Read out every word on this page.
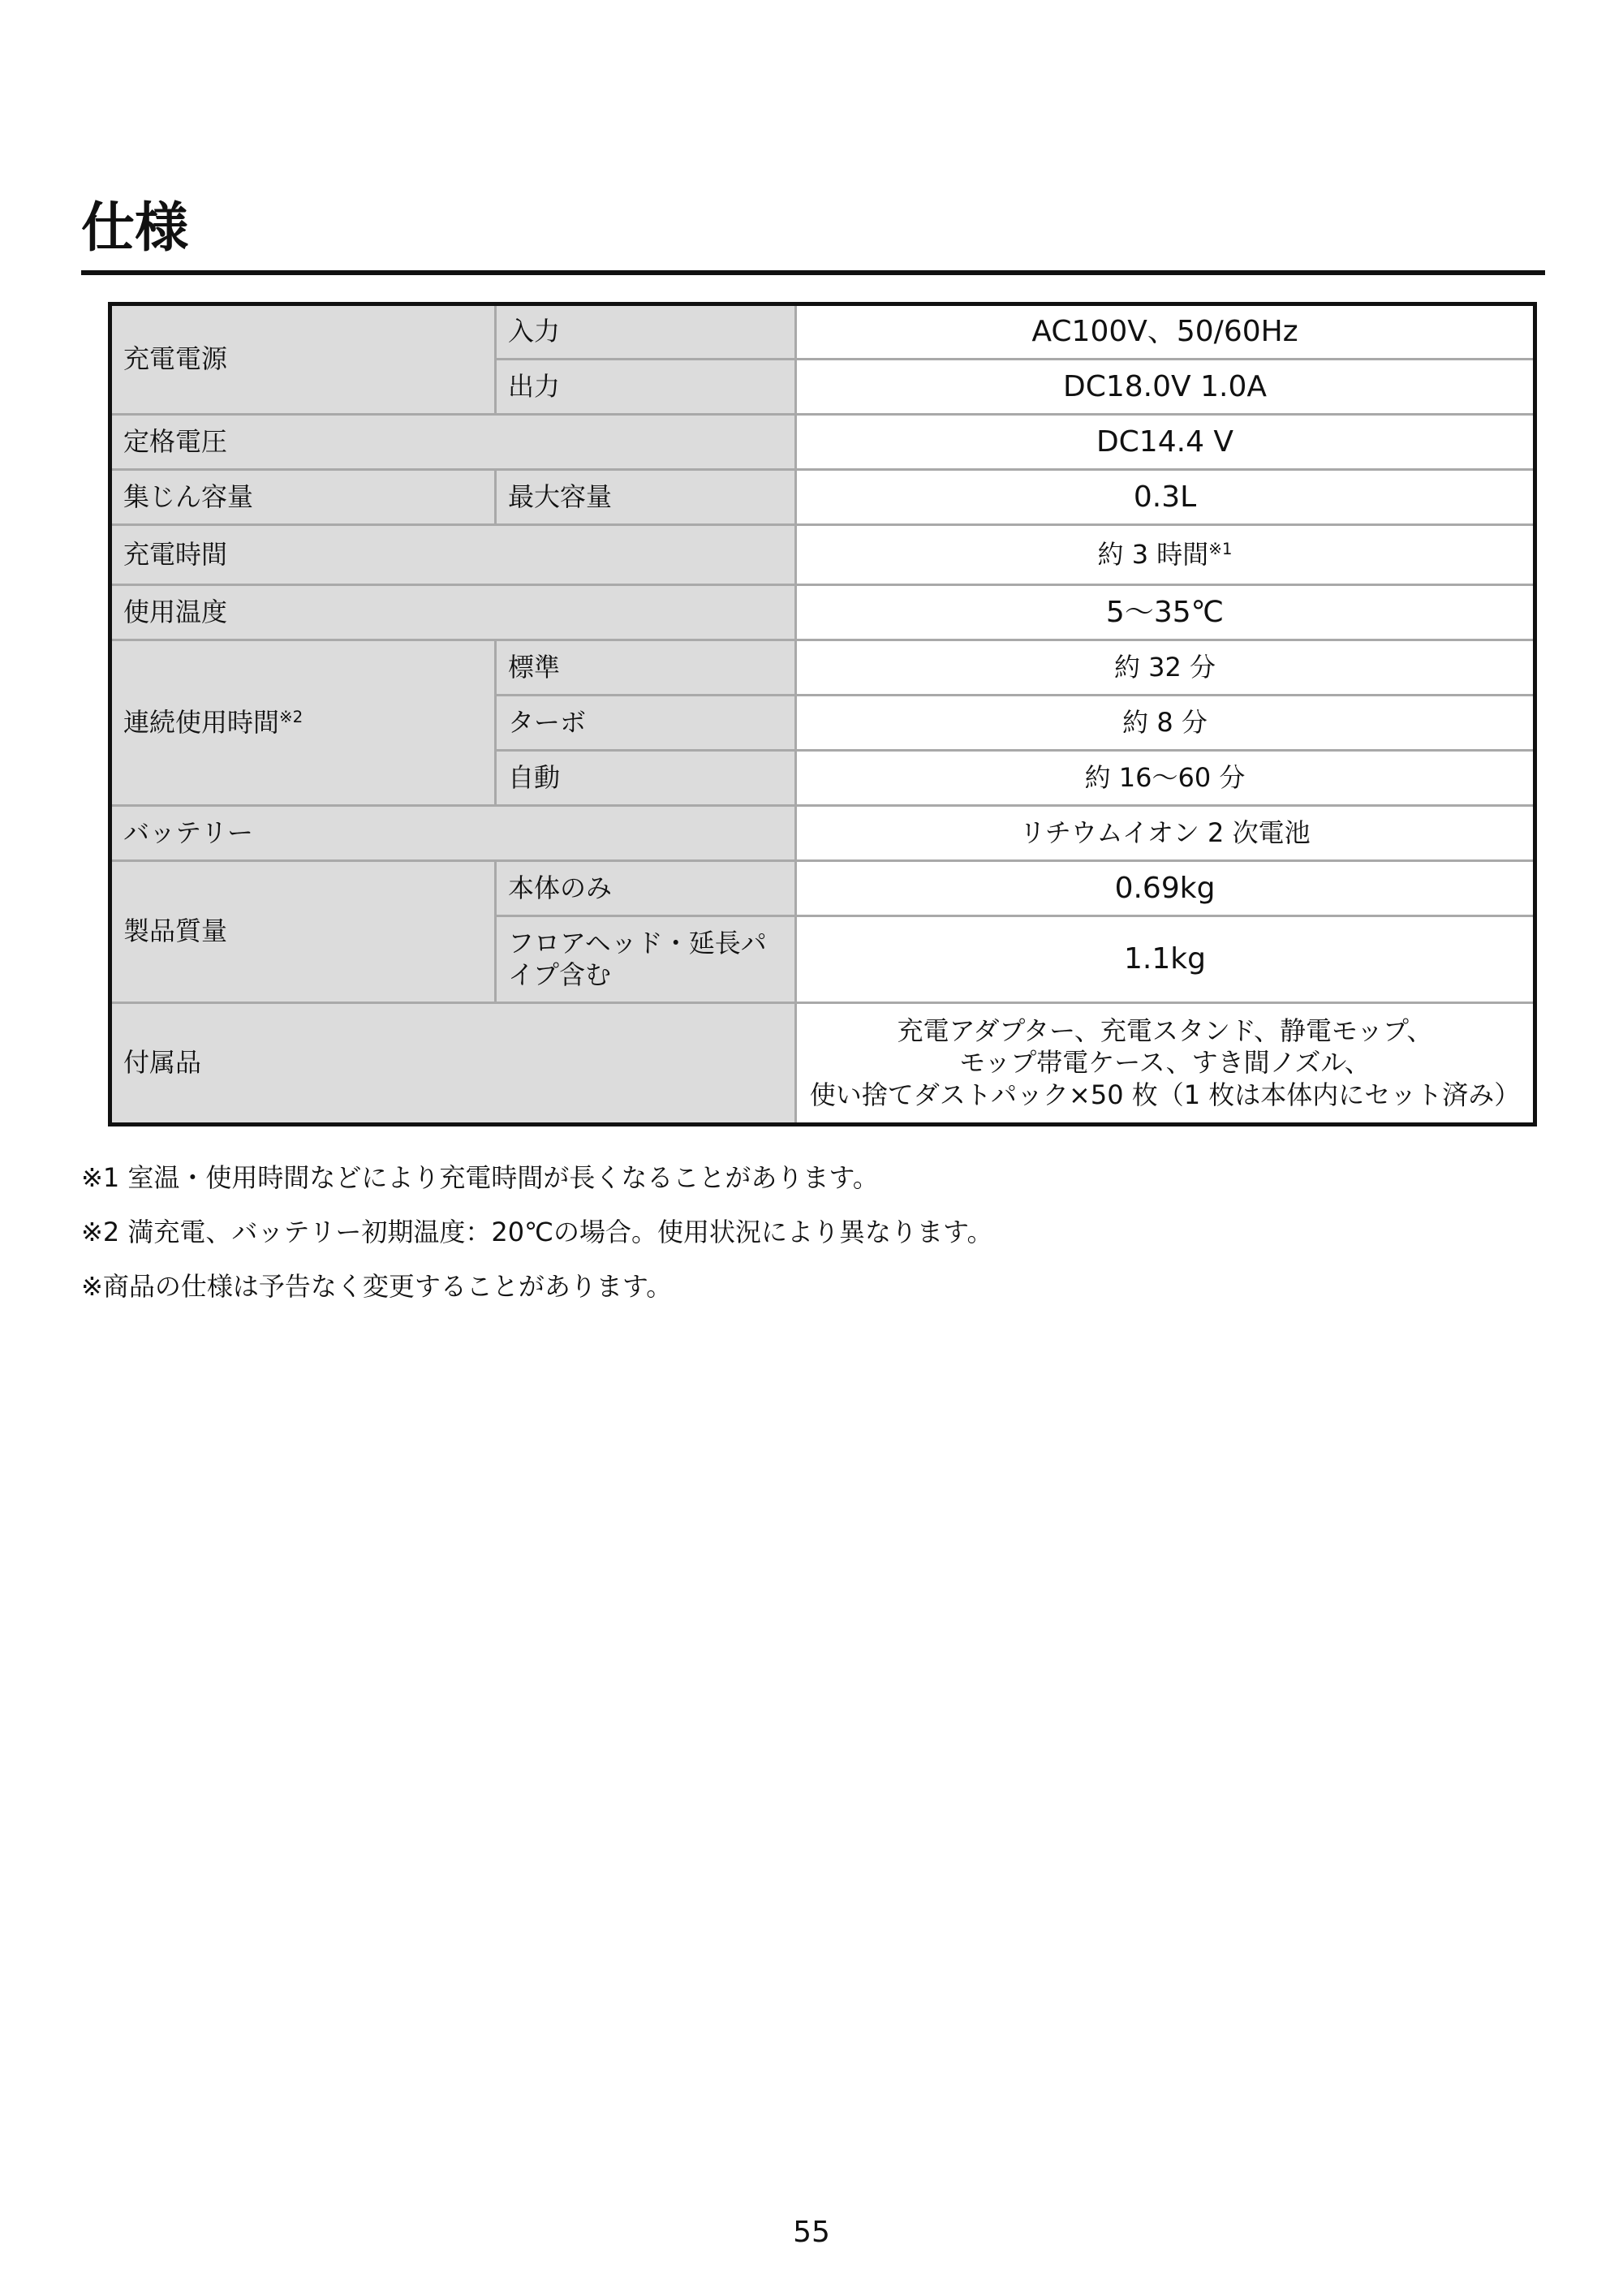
仕様
充電電源	入力	AC100V、50/60Hz
	出力	DC18.0V 1.0A
定格電圧		DC14.4 V
集じん容量	最大容量	0.3L
充電時間		約 3 時間$^{※1}$
使用温度		5～35℃
連続使用時間$^{※2}$	標準	約 32 分
	ターボ	約 8 分
	自動	約 16～60 分
バッテリー		リチウムイオン 2 次電池
製品質量	本体のみ	0.69kg
	フロアヘッド・延長パイプ含む	1.1kg
付属品		充電アダプター、充電スタンド、静電モップ、
モップ帯電ケース、すき間ノズル、
使い捨てダストパック×50 枚（1 枚は本体内にセット済み）
※1 室温・使用時間などにより充電時間が長くなることがあります。
※2 満充電、バッテリー初期温度：20℃の場合。使用状況により異なります。
※商品の仕様は予告なく変更することがあります。
55
